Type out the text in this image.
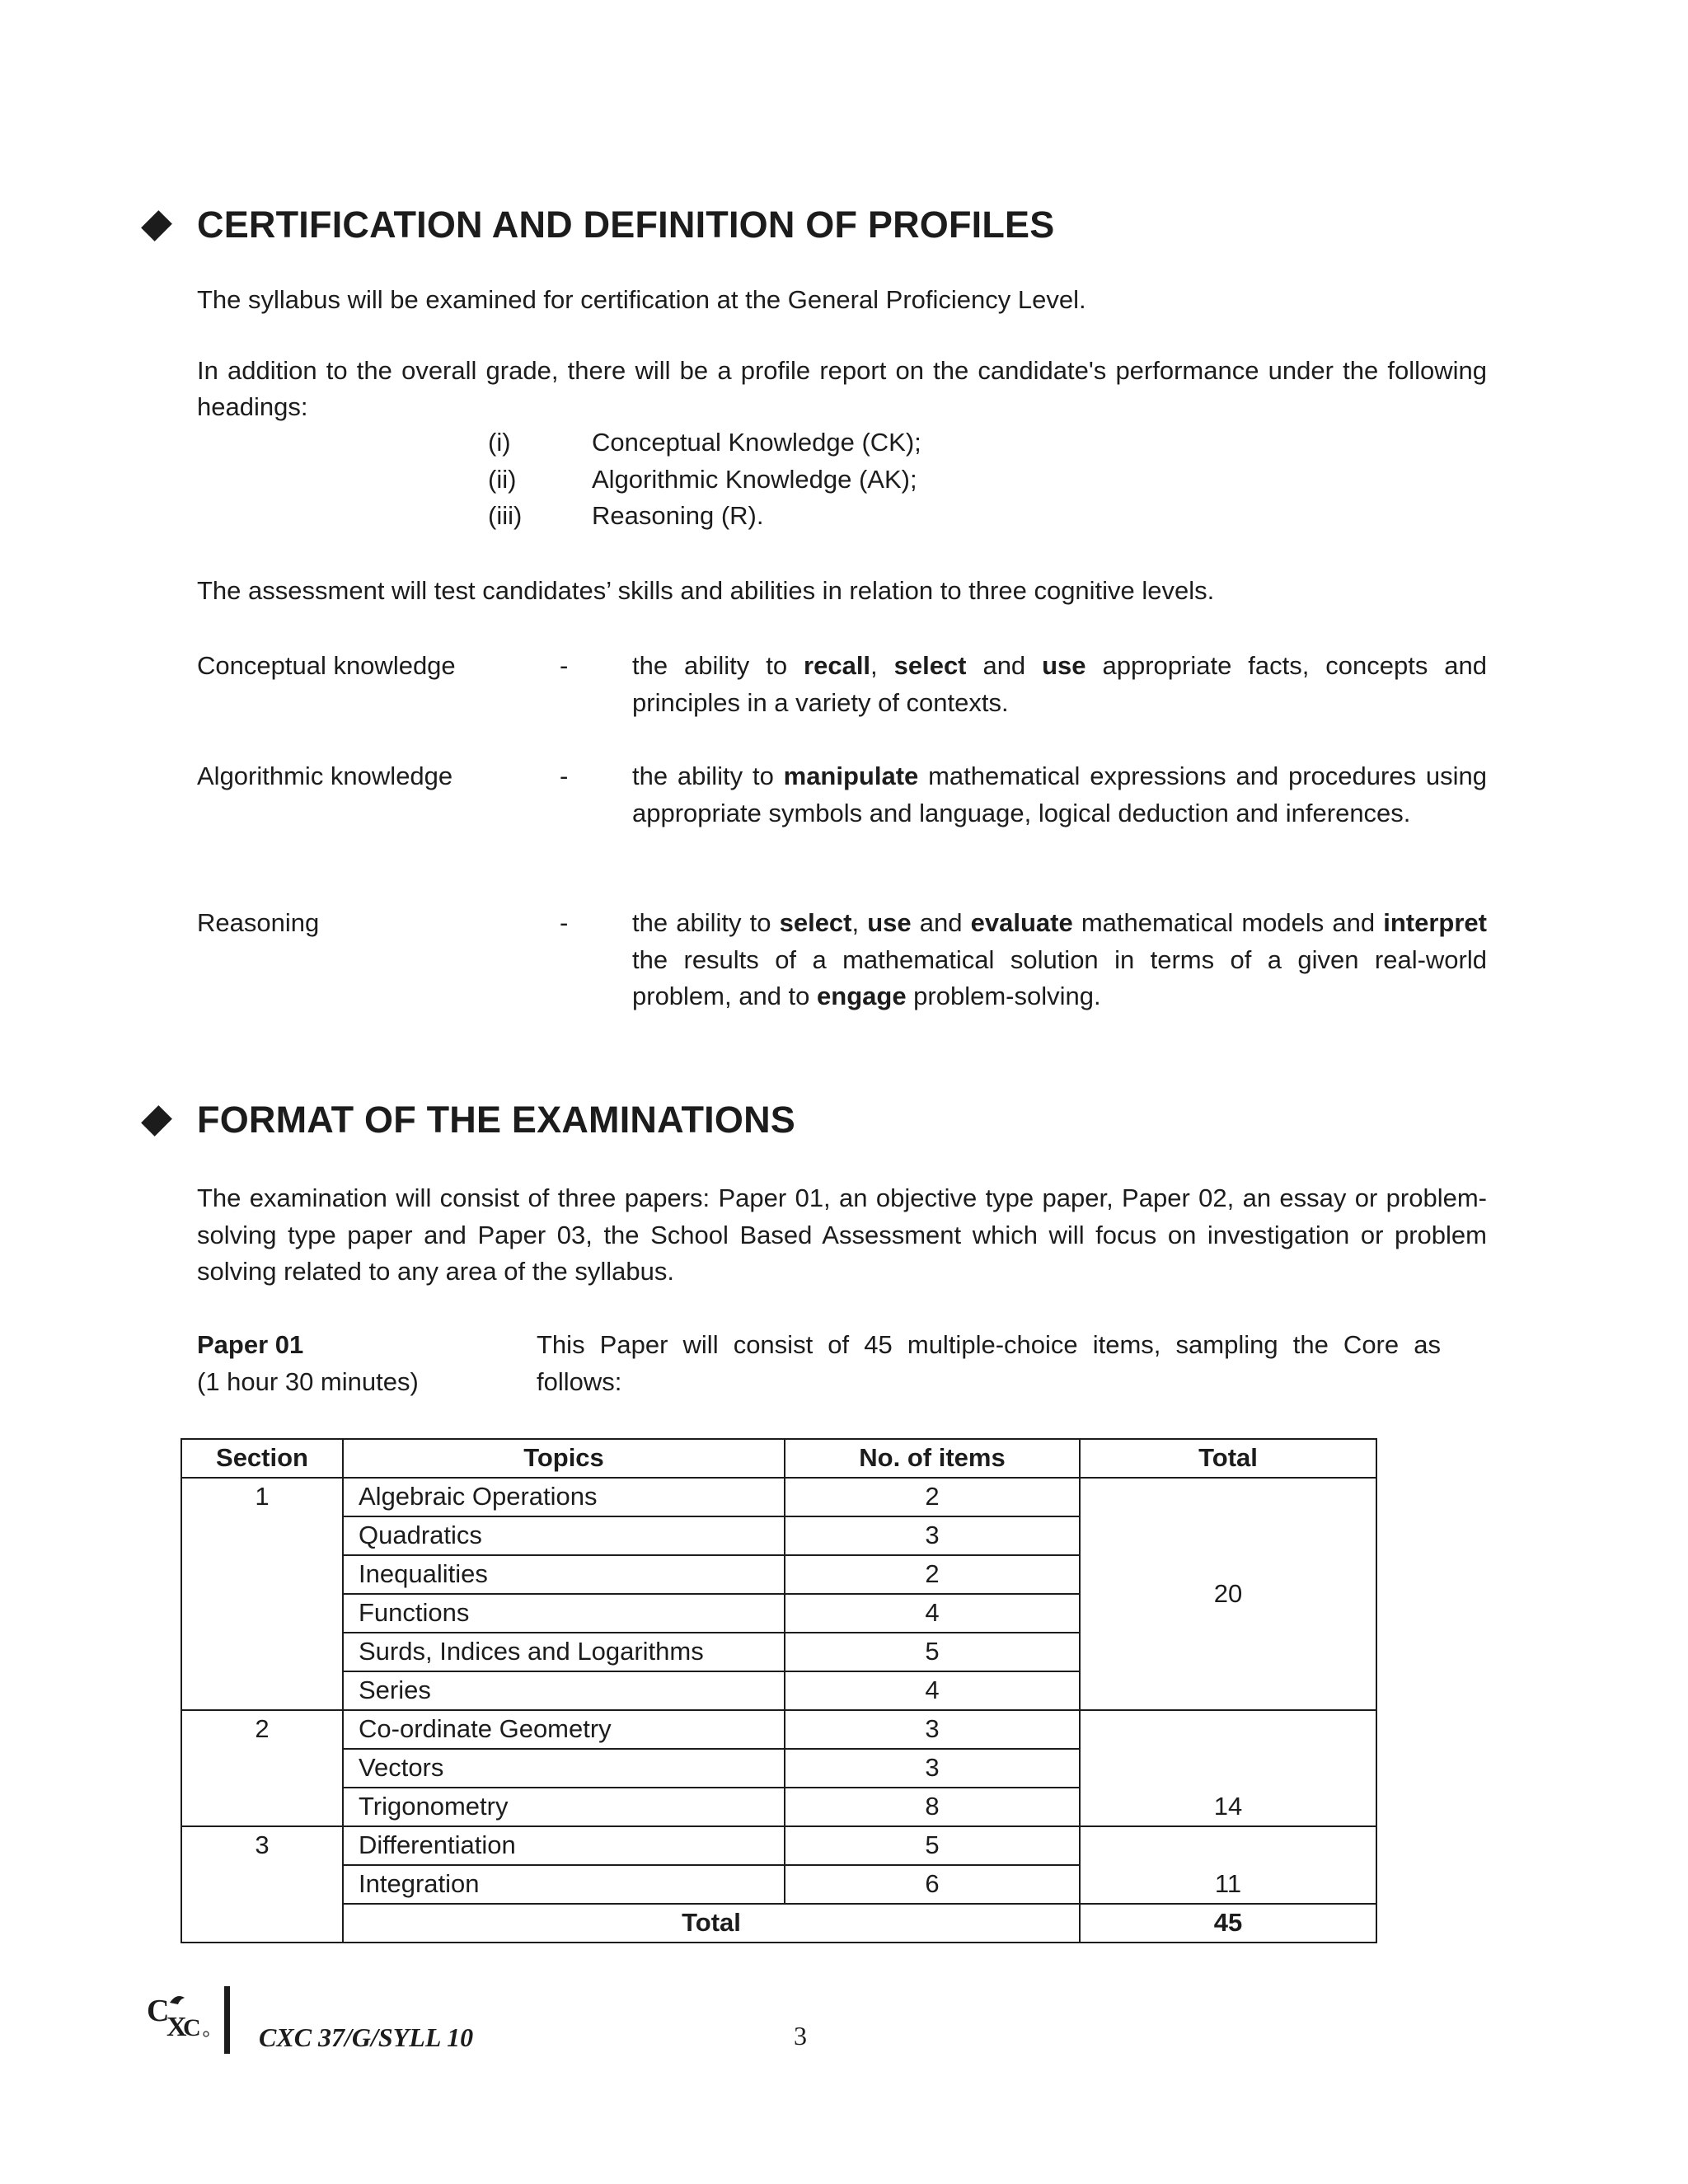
CERTIFICATION AND DEFINITION OF PROFILES
The syllabus will be examined for certification at the General Proficiency Level.
In addition to the overall grade, there will be a profile report on the candidate's performance under the following headings:
(i)	Conceptual Knowledge (CK);
(ii)	Algorithmic Knowledge (AK);
(iii)	Reasoning (R).
The assessment will test candidates’ skills and abilities in relation to three cognitive levels.
Conceptual knowledge	-	the ability to recall, select and use appropriate facts, concepts and principles in a variety of contexts.
Algorithmic knowledge	-	the ability to manipulate mathematical expressions and procedures using appropriate symbols and language, logical deduction and inferences.
Reasoning	-	the ability to select, use and evaluate mathematical models and interpret the results of a mathematical solution in terms of a given real-world problem, and to engage problem-solving.
FORMAT OF THE EXAMINATIONS
The examination will consist of three papers: Paper 01, an objective type paper, Paper 02, an essay or problem-solving type paper and Paper 03, the School Based Assessment which will focus on investigation or problem solving related to any area of the syllabus.
Paper 01
(1 hour 30 minutes)
This Paper will consist of 45 multiple-choice items, sampling the Core as follows:
Section	Topics	No. of items	Total
1	Algebraic Operations	2	20
	Quadratics	3	
	Inequalities	2	
	Functions	4	
	Surds, Indices and Logarithms	5	
	Series	4	
2	Co-ordinate Geometry	3	14
	Vectors	3	
	Trigonometry	8	
3	Differentiation	5	11
	Integration	6	
	Total		45
C
X
C CXC 37/G/SYLL 10	3
